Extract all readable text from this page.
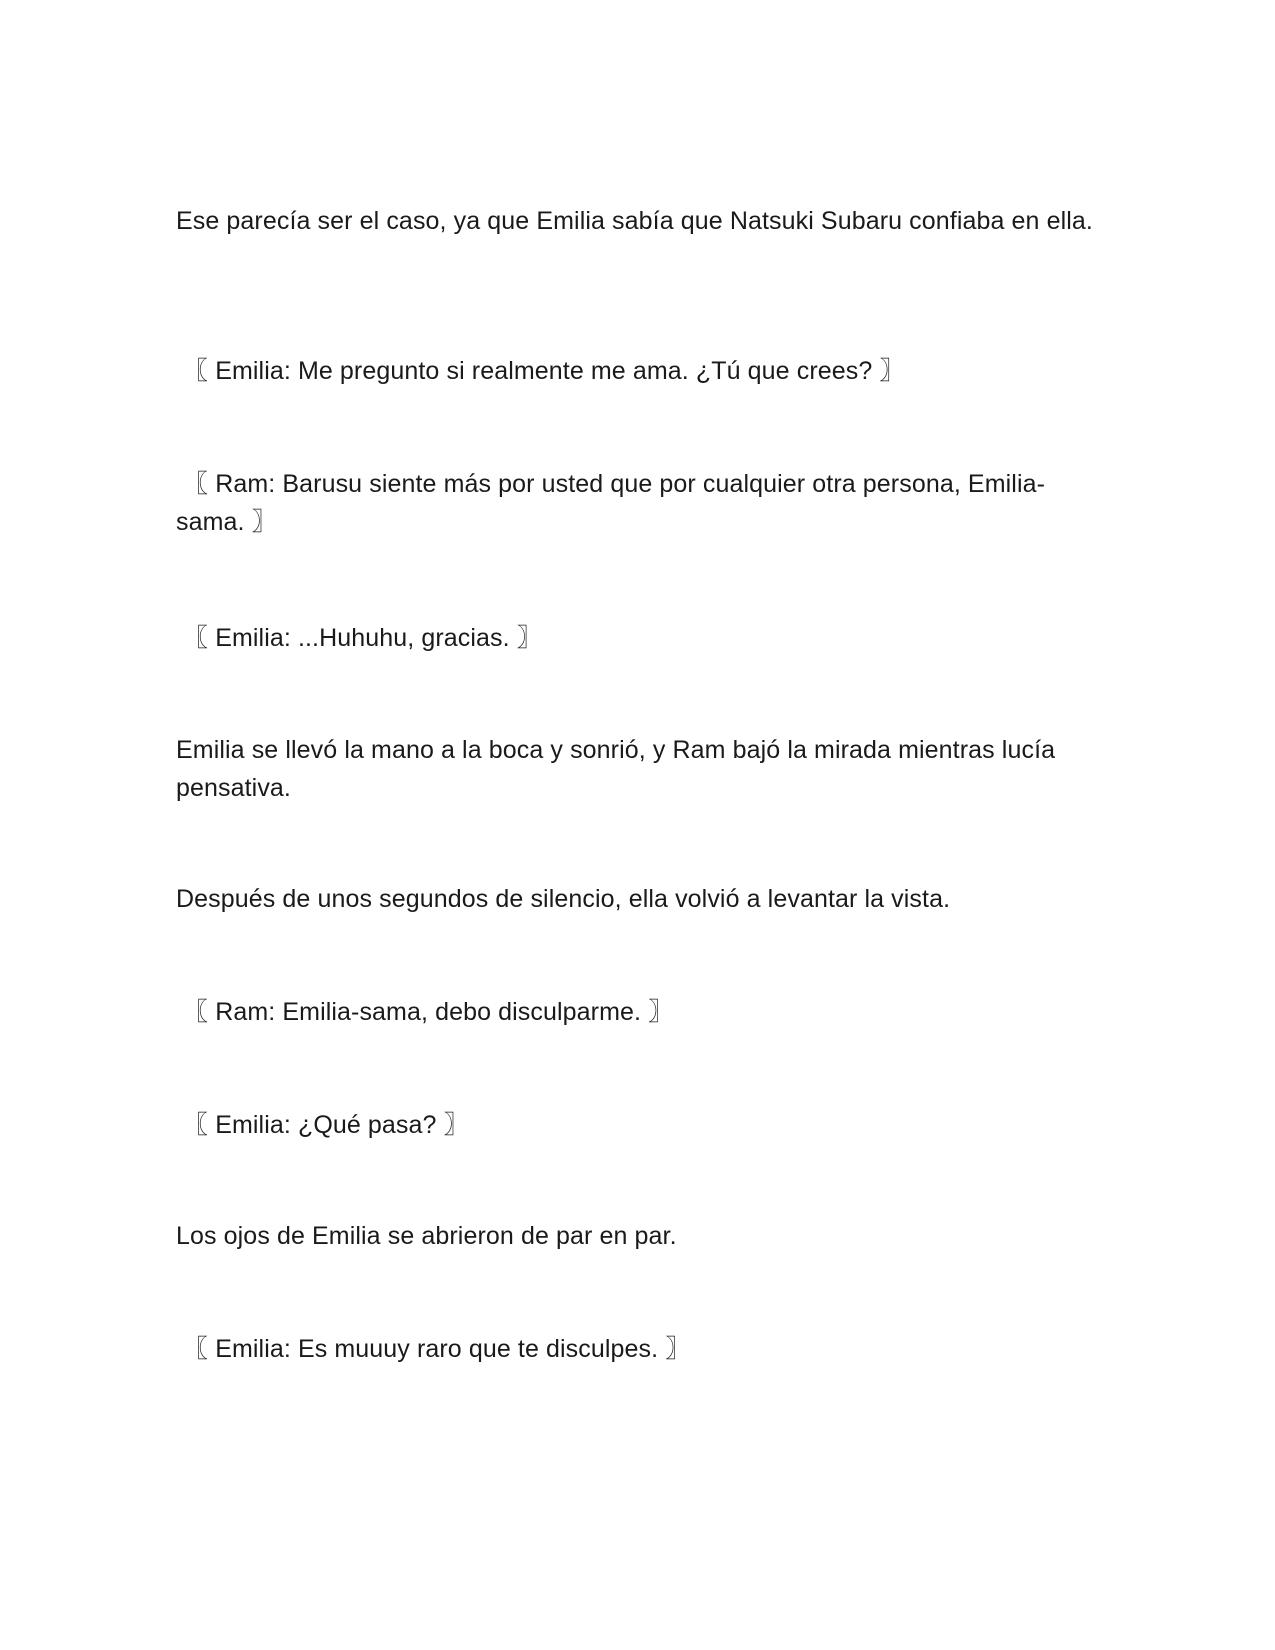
Ese parecía ser el caso, ya que Emilia sabía que Natsuki Subaru confiaba en ella.

〖 Emilia: Me pregunto si realmente me ama. ¿Tú que crees? 〗

〖 Ram: Barusu siente más por usted que por cualquier otra persona, Emilia-sama. 〗

〖 Emilia: ...Huhuhu, gracias. 〗

Emilia se llevó la mano a la boca y sonrió, y Ram bajó la mirada mientras lucía pensativa.

Después de unos segundos de silencio, ella volvió a levantar la vista.

〖 Ram: Emilia-sama, debo disculparme. 〗

〖 Emilia: ¿Qué pasa? 〗

Los ojos de Emilia se abrieron de par en par.

〖 Emilia: Es muuuy raro que te disculpes. 〗
